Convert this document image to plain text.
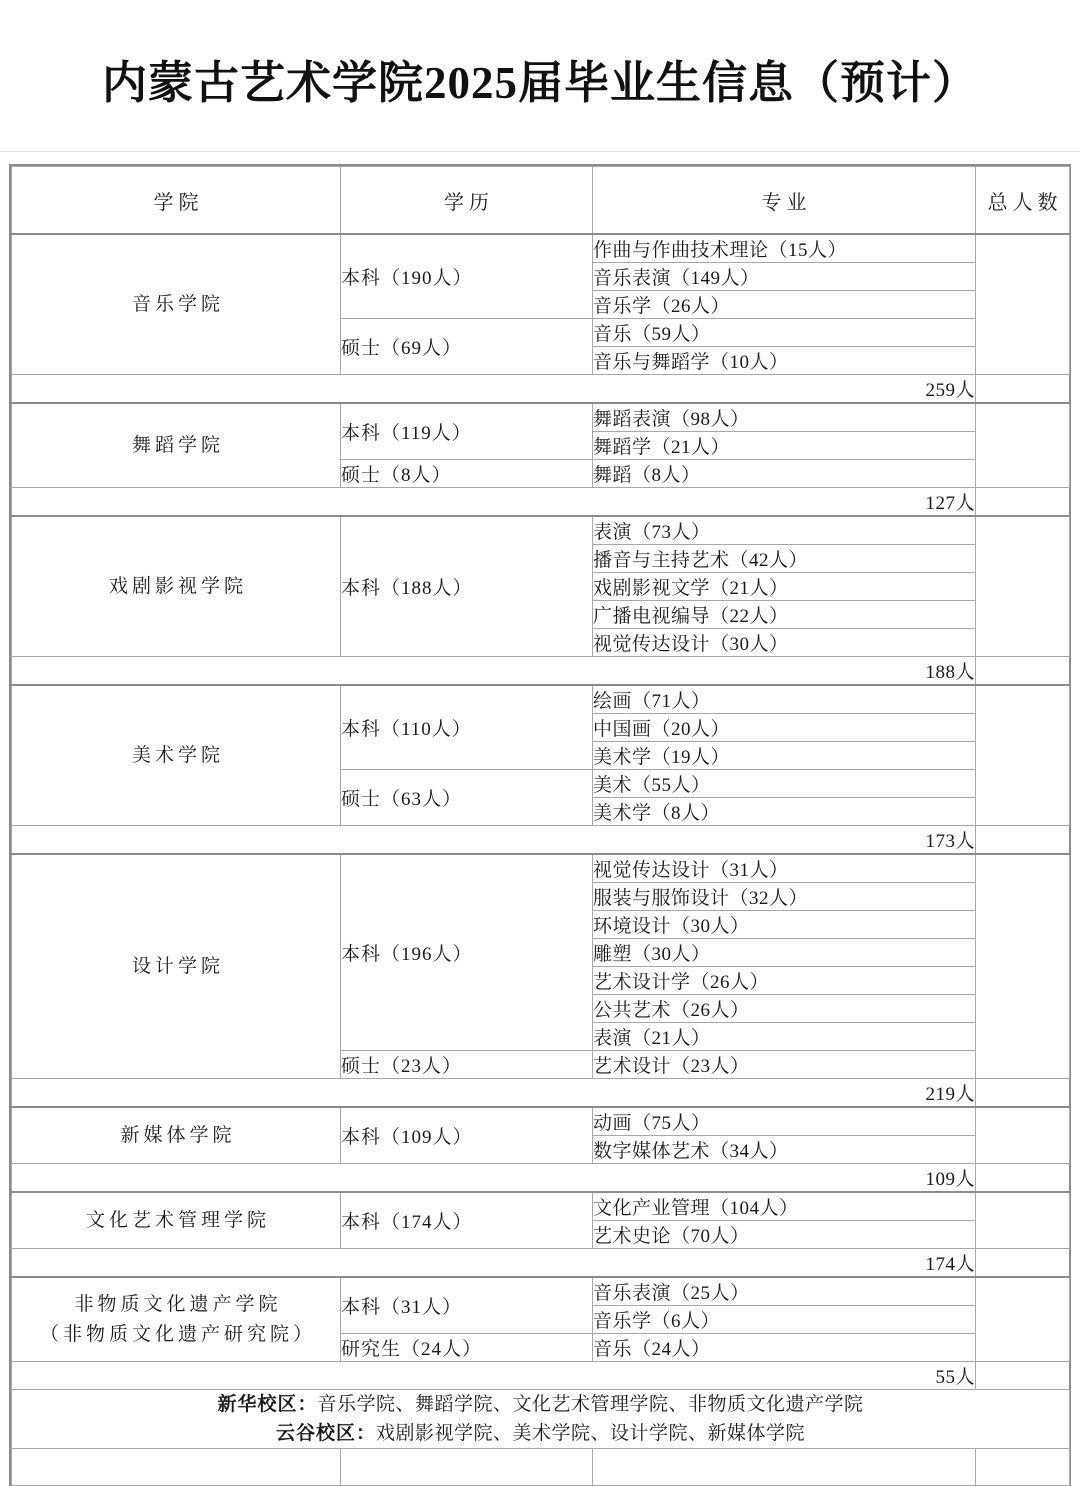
内蒙古艺术学院2025届毕业生信息（预计）
学院	学历	专业	总人数

音乐学院	本科（190人）	作曲与作曲技术理论（15人）	
		音乐表演（149人）	
		音乐学（26人）	
	硕士（69人）	音乐（59人）	
		音乐与舞蹈学（10人）	
259人			

舞蹈学院	本科（119人）	舞蹈表演（98人）	
		舞蹈学（21人）	
	硕士（8人）	舞蹈（8人）	
127人			

戏剧影视学院	本科（188人）	表演（73人）	
		播音与主持艺术（42人）	
		戏剧影视文学（21人）	
		广播电视编导（22人）	
		视觉传达设计（30人）	
188人			

美术学院	本科（110人）	绘画（71人）	
		中国画（20人）	
		美术学（19人）	
	硕士（63人）	美术（55人）	
		美术学（8人）	
173人			

设计学院	本科（196人）	视觉传达设计（31人）	
		服装与服饰设计（32人）	
		环境设计（30人）	
		雕塑（30人）	
		艺术设计学（26人）	
		公共艺术（26人）	
		表演（21人）	
	硕士（23人）	艺术设计（23人）	
219人			

新媒体学院	本科（109人）	动画（75人）	
		数字媒体艺术（34人）	
109人			

文化艺术管理学院	本科（174人）	文化产业管理（104人）	
		艺术史论（70人）	
174人			

非物质文化遗产学院
（非物质文化遗产研究院）	本科（31人）	音乐表演（25人）	
		音乐学（6人）	
	研究生（24人）	音乐（24人）	
55人			

新华校区：音乐学院、舞蹈学院、文化艺术管理学院、非物质文化遗产学院
云谷校区：戏剧影视学院、美术学院、设计学院、新媒体学院			
